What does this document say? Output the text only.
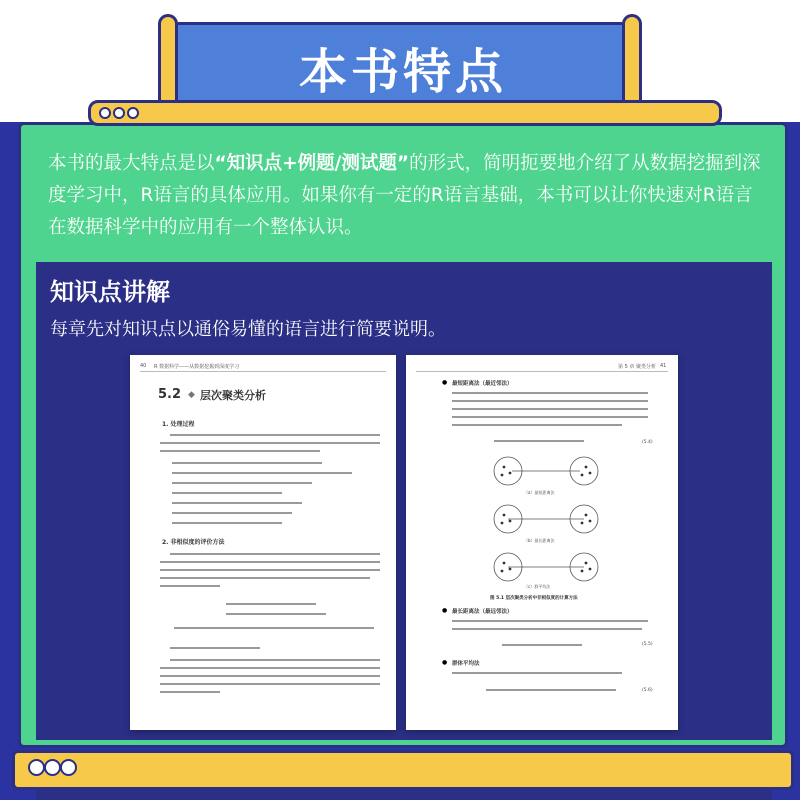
本书特点
本书的最大特点是以“知识点+例题/测试题”的形式，简明扼要地介绍了从数据挖掘到深度学习中，R语言的具体应用。如果你有一定的R语言基础，本书可以让你快速对R语言在数据科学中的应用有一个整体认识。
知识点讲解
每章先对知识点以通俗易懂的语言进行简要说明。
40 R 数据科学——从数据挖掘到深度学习
5.2 ◆ 层次聚类分析
1. 处理过程
2. 非相似度的评价方法
第 5 章 聚类分析 41
● 最短距离法（最近邻法）
(5.4)
（a）最短距离法
（b）最长距离法
（c）群平均法
图 5.1 层次聚类分析中非相似度的计算方法
● 最长距离法（最远邻法）
(5.5)
● 群体平均法
(5.6)
